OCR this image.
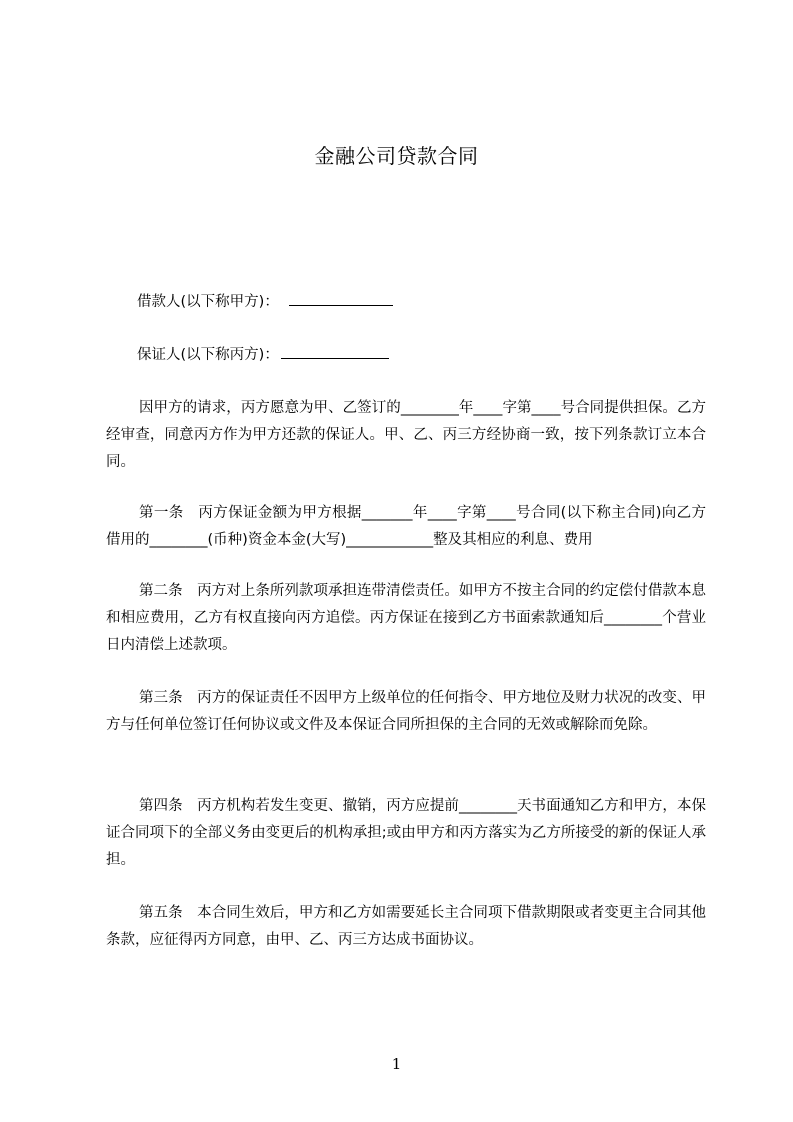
金融公司贷款合同
借款人(以下称甲方)：
保证人(以下称丙方)：

因甲方的请求，丙方愿意为甲、乙签订的________年____字第____号合同提供担保。乙方经审查，同意丙方作为甲方还款的保证人。甲、乙、丙三方经协商一致，按下列条款订立本合同。

第一条　丙方保证金额为甲方根据_______年____字第____号合同(以下称主合同)向乙方借用的________(币种)资金本金(大写)____________整及其相应的利息、费用

第二条　丙方对上条所列款项承担连带清偿责任。如甲方不按主合同的约定偿付借款本息和相应费用，乙方有权直接向丙方追偿。丙方保证在接到乙方书面索款通知后________个营业日内清偿上述款项。

第三条　丙方的保证责任不因甲方上级单位的任何指令、甲方地位及财力状况的改变、甲方与任何单位签订任何协议或文件及本保证合同所担保的主合同的无效或解除而免除。

第四条　丙方机构若发生变更、撤销，丙方应提前________天书面通知乙方和甲方，本保证合同项下的全部义务由变更后的机构承担;或由甲方和丙方落实为乙方所接受的新的保证人承担。

第五条　本合同生效后，甲方和乙方如需要延长主合同项下借款期限或者变更主合同其他条款，应征得丙方同意，由甲、乙、丙三方达成书面协议。

1
